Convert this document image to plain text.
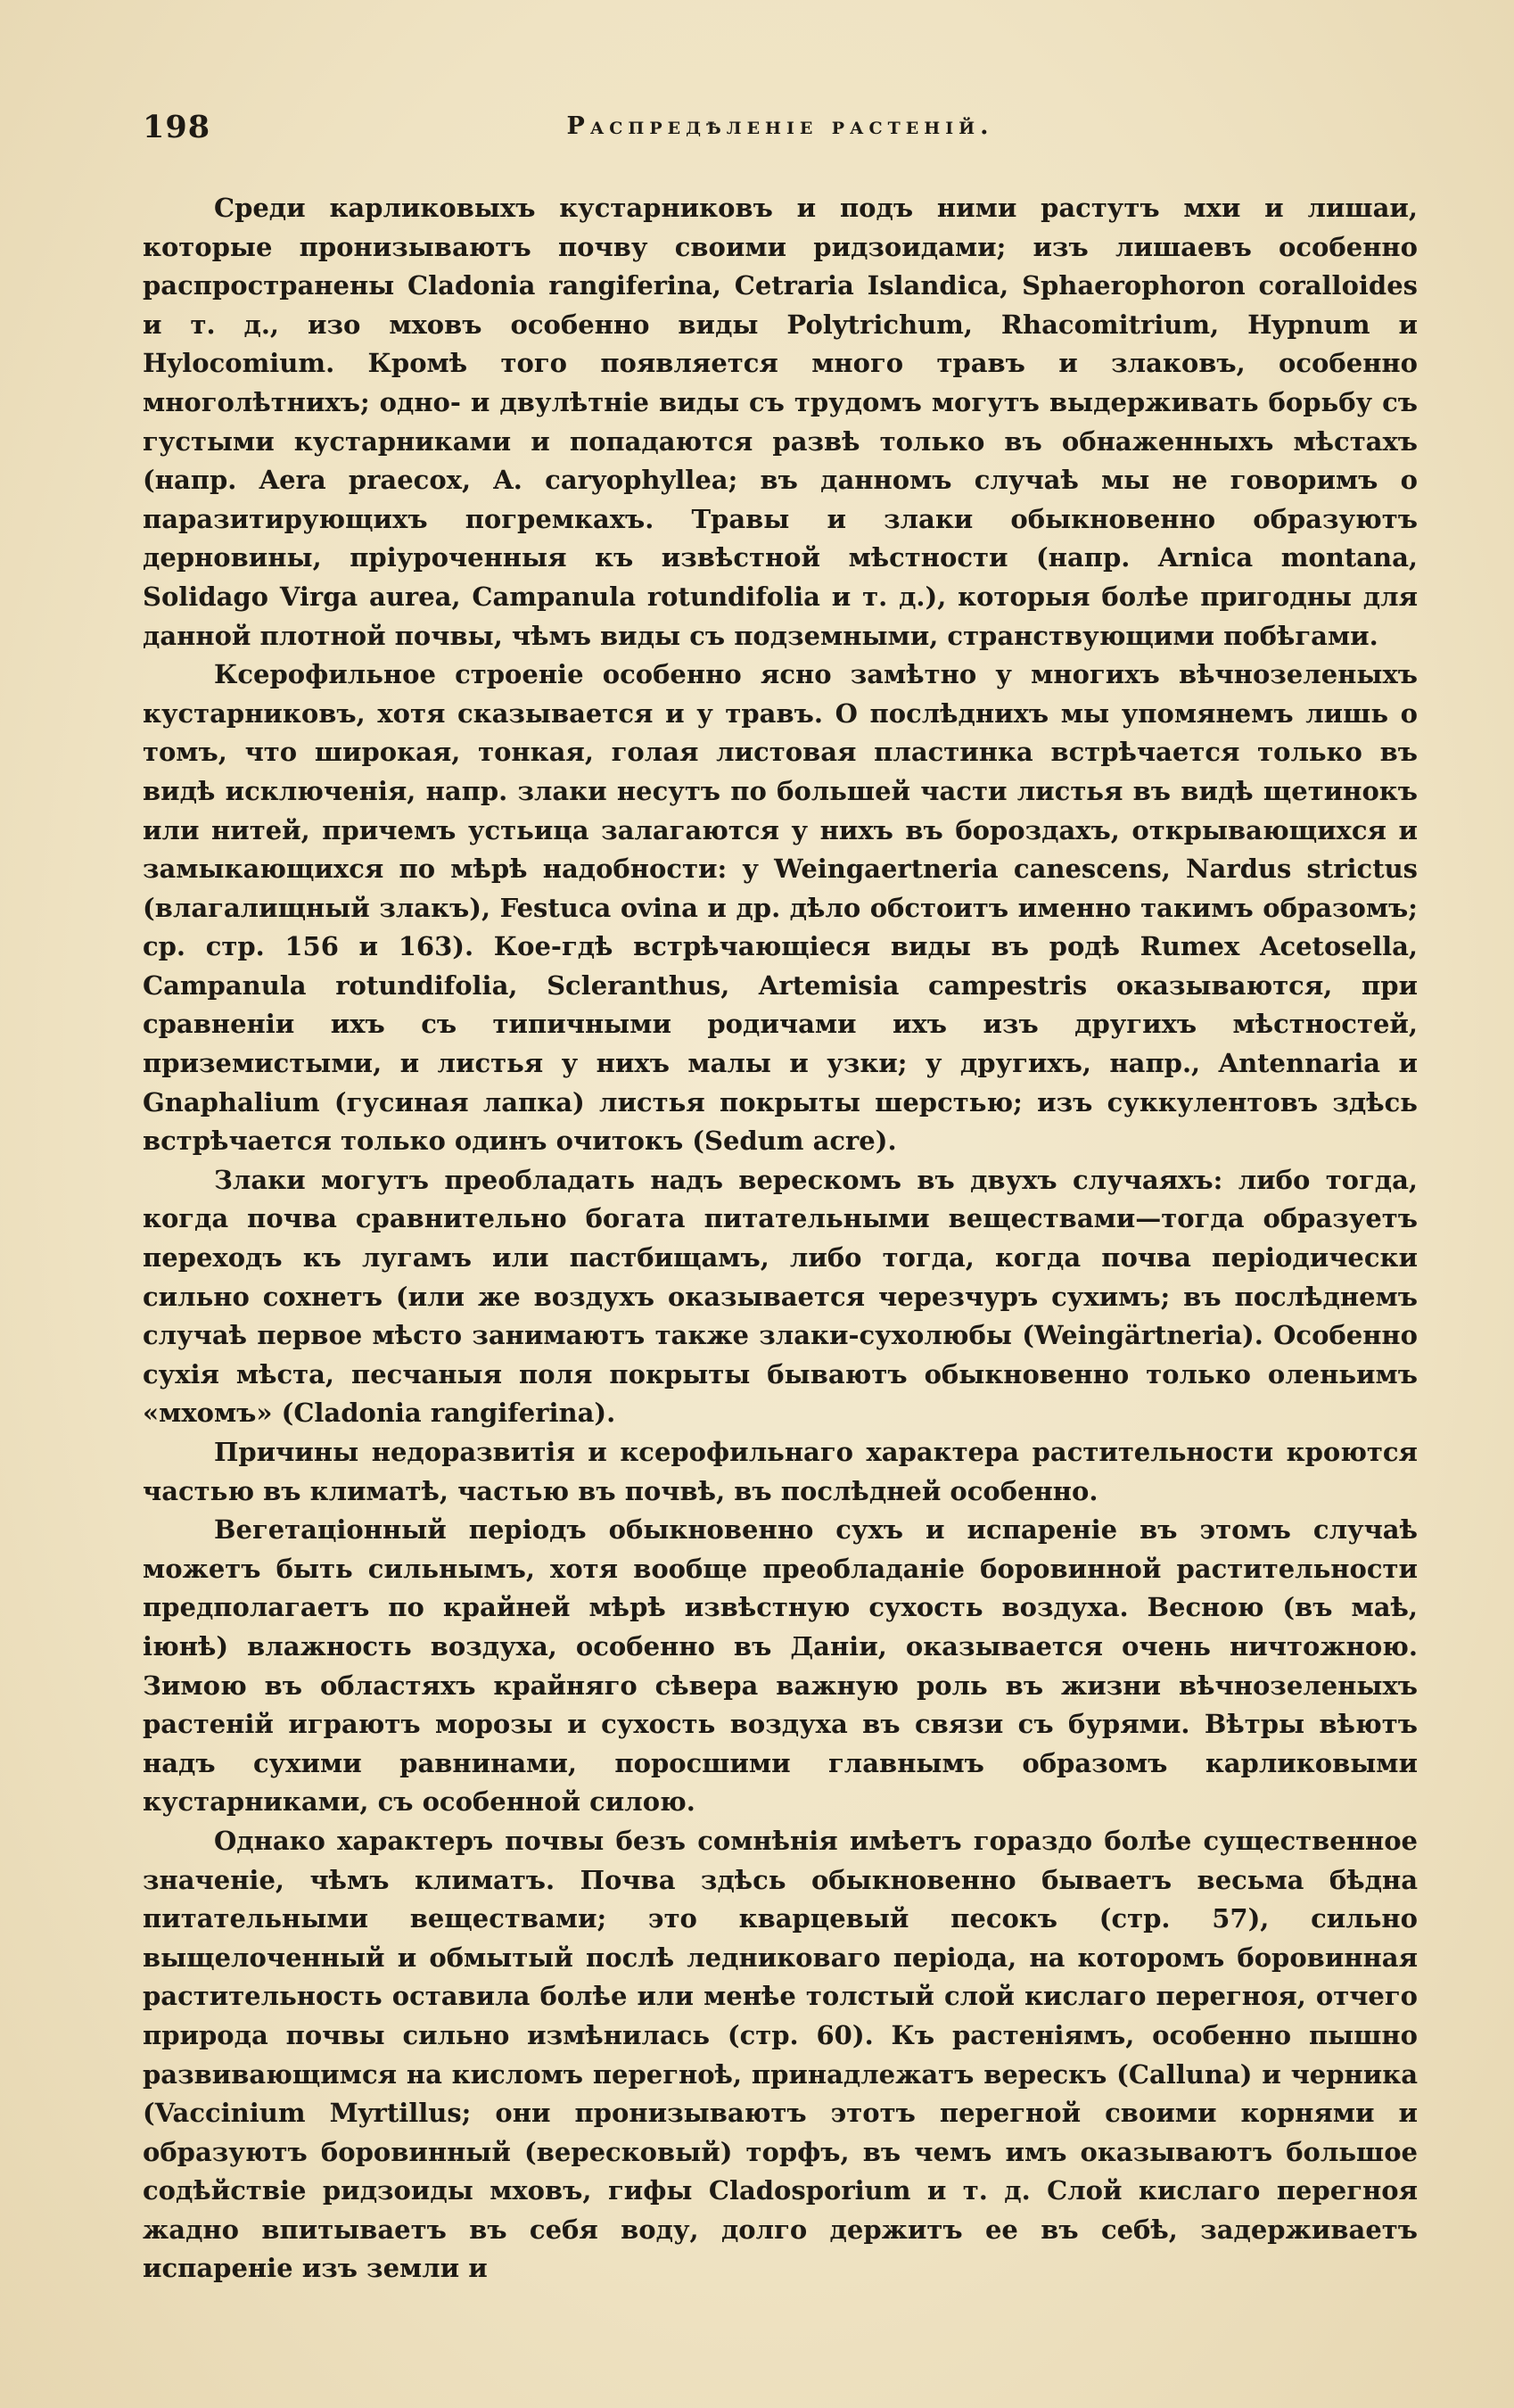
198	Распредѣленіе растеній.

Среди карликовыхъ кустарниковъ и подъ ними растутъ мхи и лишаи, которые пронизываютъ почву своими ридзоидами; изъ лишаевъ особенно распространены Cladonia rangiferina, Cetraria Islandica, Sphaerophoron coralloides и т. д., изо мховъ особенно виды Polytrichum, Rhacomitrium, Hypnum и Hylocomium. Кромѣ того появляется много травъ и злаковъ, особенно многолѣтнихъ; одно- и двулѣтніе виды съ трудомъ могутъ выдерживать борьбу съ густыми кустарниками и попадаются развѣ только въ обнаженныхъ мѣстахъ (напр. Aera praecox, A. caryophyllea; въ данномъ случаѣ мы не говоримъ о паразитирующихъ погремкахъ. Травы и злаки обыкновенно образуютъ дерновины, пріуроченныя къ извѣстной мѣстности (напр. Arnica montana, Solidago Virga aurea, Campanula rotundifolia и т. д.), которыя болѣе пригодны для данной плотной почвы, чѣмъ виды съ подземными, странствующими побѣгами.

Ксерофильное строеніе особенно ясно замѣтно у многихъ вѣчнозеленыхъ кустарниковъ, хотя сказывается и у травъ. О послѣднихъ мы упомянемъ лишь о томъ, что широкая, тонкая, голая листовая пластинка встрѣчается только въ видѣ исключенія, напр. злаки несутъ по большей части листья въ видѣ щетинокъ или нитей, причемъ устьица залагаются у нихъ въ бороздахъ, открывающихся и замыкающихся по мѣрѣ надобности: у Weingaertneria canescens, Nardus strictus (влагалищный злакъ), Festuca ovina и др. дѣло обстоитъ именно такимъ образомъ; ср. стр. 156 и 163). Кое-гдѣ встрѣчающіеся виды въ родѣ Rumex Acetosella, Campanula rotundifolia, Scleranthus, Artemisia campestris оказываются, при сравненіи ихъ съ типичными родичами ихъ изъ другихъ мѣстностей, приземистыми, и листья у нихъ малы и узки; у другихъ, напр., Antennaria и Gnaphalium (гусиная лапка) листья покрыты шерстью; изъ суккулентовъ здѣсь встрѣчается только одинъ очитокъ (Sedum acre).

Злаки могутъ преобладать надъ верескомъ въ двухъ случаяхъ: либо тогда, когда почва сравнительно богата питательными веществами—тогда образуетъ переходъ къ лугамъ или пастбищамъ, либо тогда, когда почва періодически сильно сохнетъ (или же воздухъ оказывается черезчуръ сухимъ; въ послѣднемъ случаѣ первое мѣсто занимаютъ также злаки-сухолюбы (Weingärtneria). Особенно сухія мѣста, песчаныя поля покрыты бываютъ обыкновенно только оленьимъ «мхомъ» (Cladonia rangiferina).

Причины недоразвитія и ксерофильнаго характера растительности кроются частью въ климатѣ, частью въ почвѣ, въ послѣдней особенно.

Вегетаціонный періодъ обыкновенно сухъ и испареніе въ этомъ случаѣ можетъ быть сильнымъ, хотя вообще преобладаніе боровинной растительности предполагаетъ по крайней мѣрѣ извѣстную сухость воздуха. Весною (въ маѣ, іюнѣ) влажность воздуха, особенно въ Даніи, оказывается очень ничтожною. Зимою въ областяхъ крайняго сѣвера важную роль въ жизни вѣчнозеленыхъ растеній играютъ морозы и сухость воздуха въ связи съ бурями. Вѣтры вѣютъ надъ сухими равнинами, поросшими главнымъ образомъ карликовыми кустарниками, съ особенной силою.

Однако характеръ почвы безъ сомнѣнія имѣетъ гораздо болѣе существенное значеніе, чѣмъ климатъ. Почва здѣсь обыкновенно бываетъ весьма бѣдна питательными веществами; это кварцевый песокъ (стр. 57), сильно выщелоченный и обмытый послѣ ледниковаго періода, на которомъ боровинная растительность оставила болѣе или менѣе толстый слой кислаго перегноя, отчего природа почвы сильно измѣнилась (стр. 60). Къ растеніямъ, особенно пышно развивающимся на кисломъ перегноѣ, принадлежатъ верескъ (Calluna) и черника (Vaccinium Myrtillus; они пронизываютъ этотъ перегной своими корнями и образуютъ боровинный (вересковый) торфъ, въ чемъ имъ оказываютъ большое содѣйствіе ридзоиды мховъ, гифы Cladosporium и т. д. Слой кислаго перегноя жадно впитываетъ въ себя воду, долго держитъ ее въ себѣ, задерживаетъ испареніе изъ земли и
